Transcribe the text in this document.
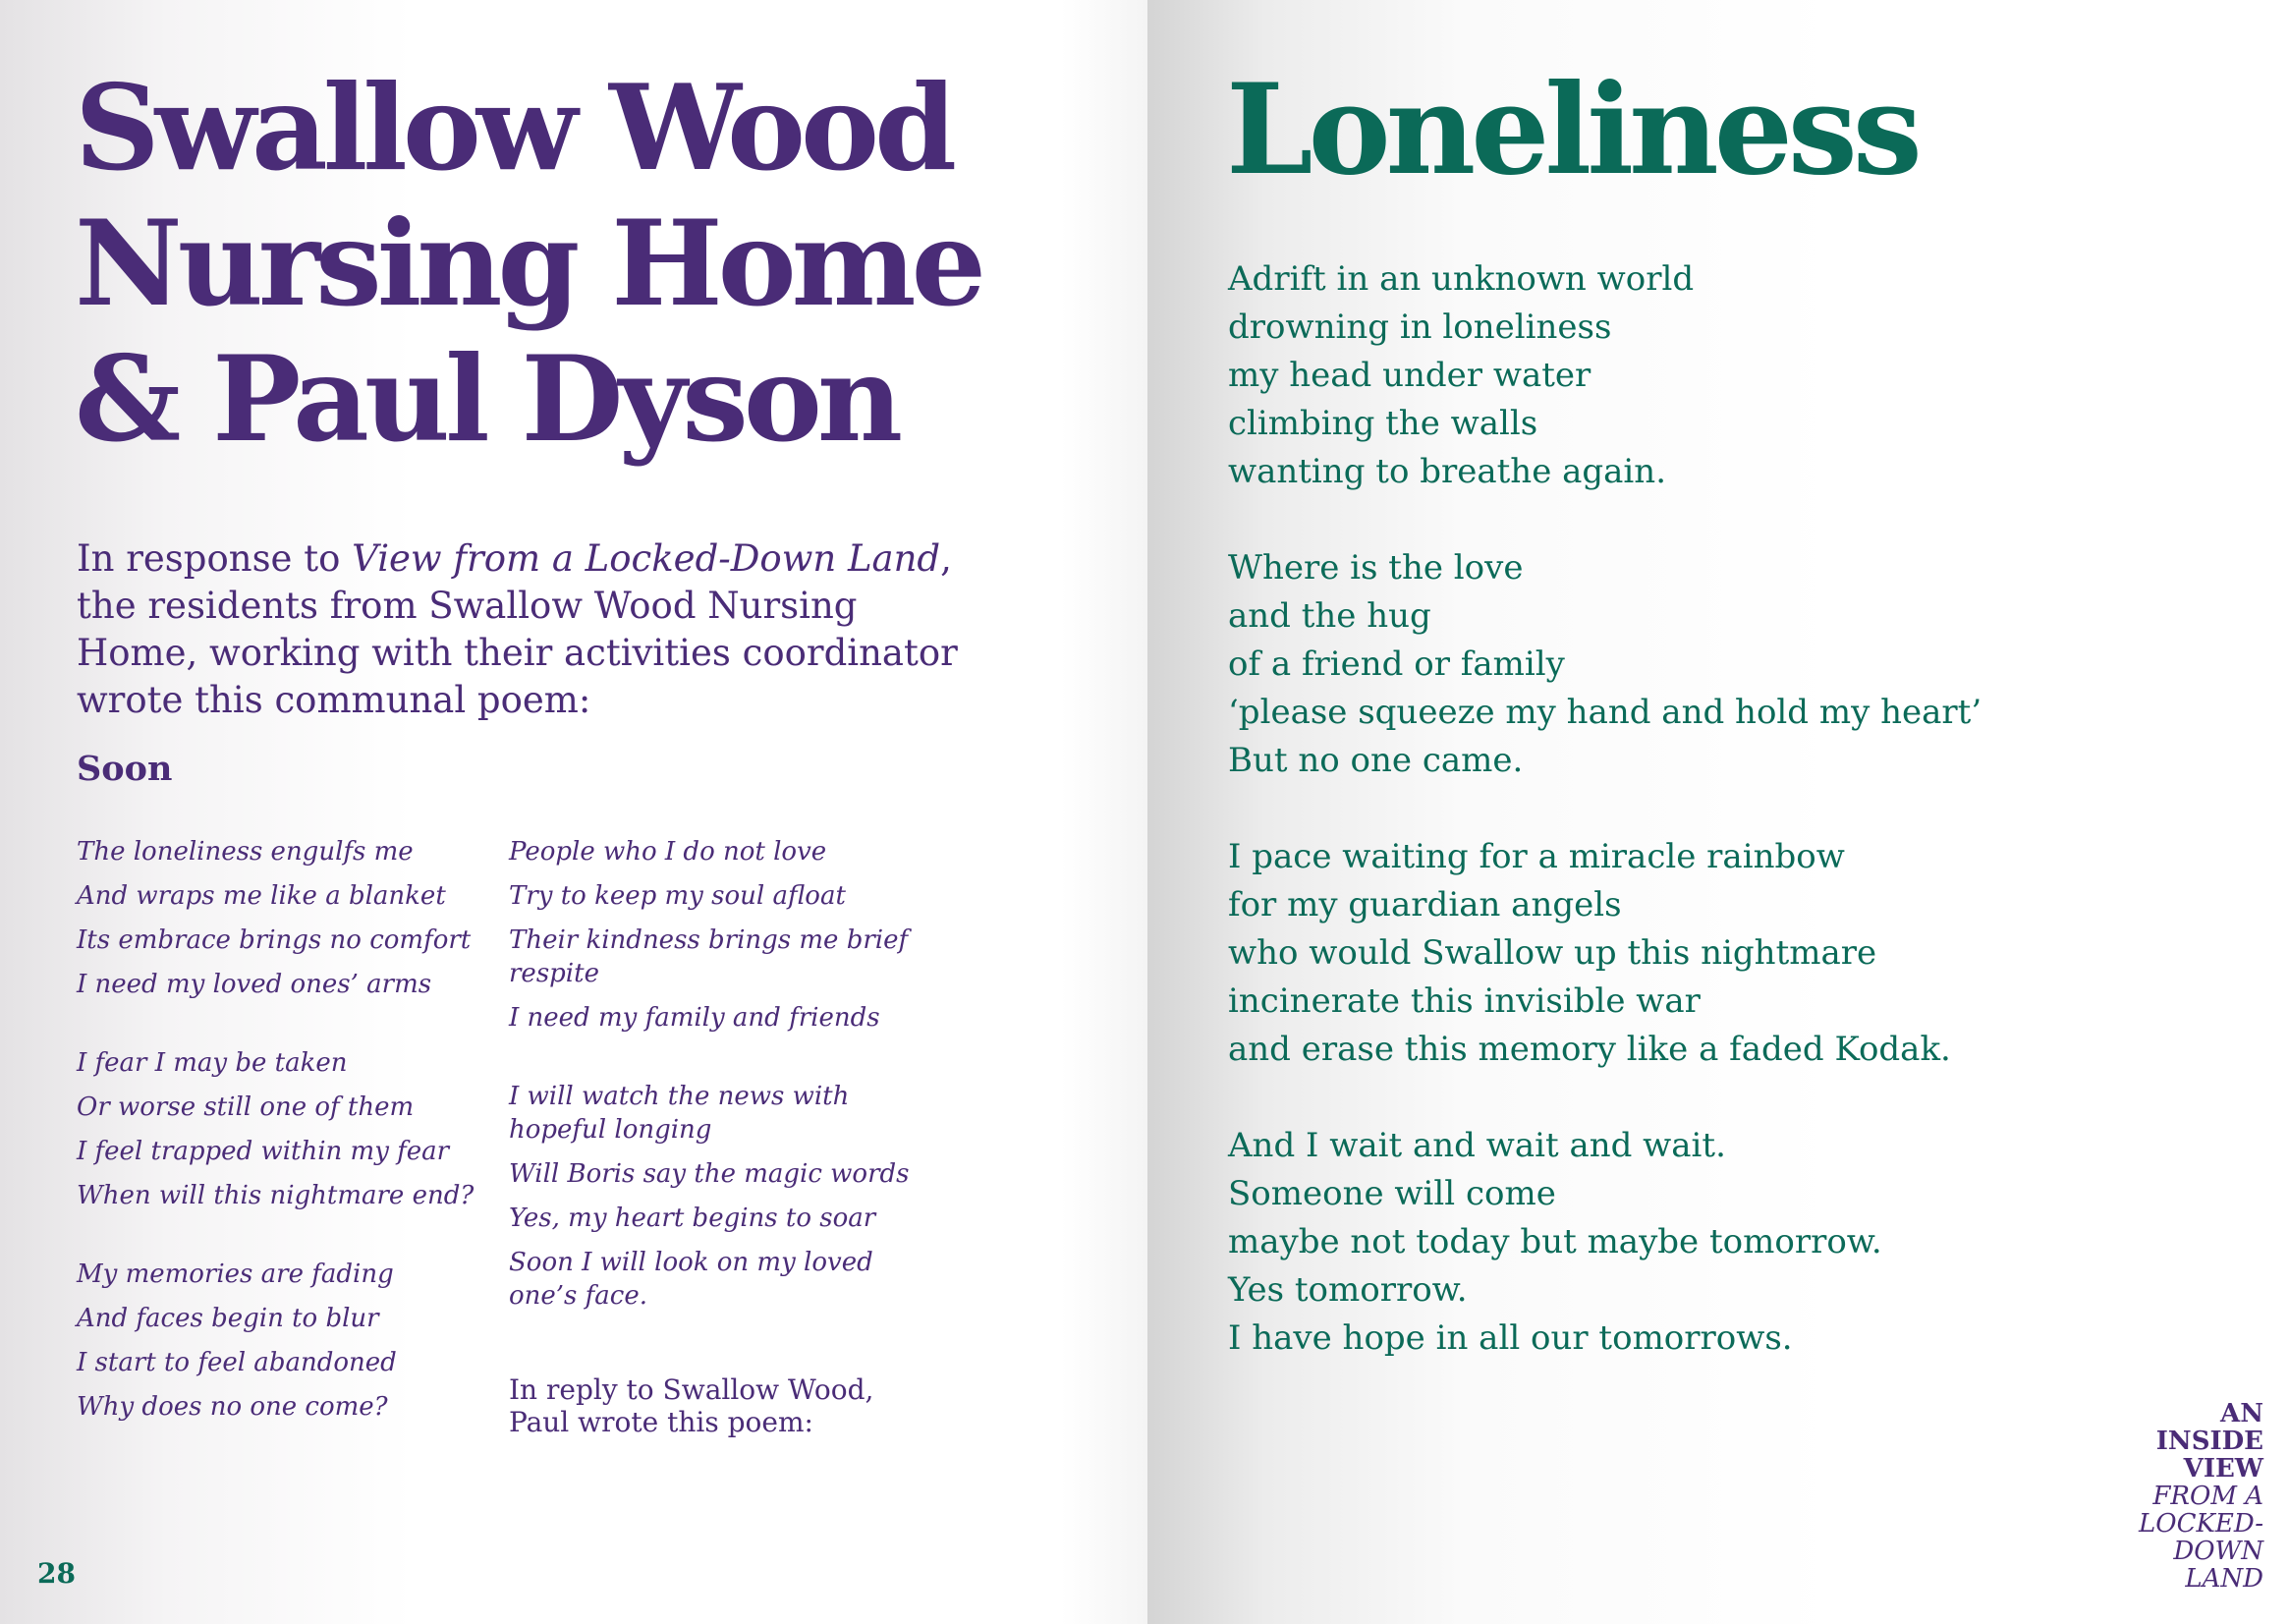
Swallow Wood
Nursing Home
& Paul Dyson

In response to View from a Locked-Down Land, the residents from Swallow Wood Nursing Home, working with their activities coordinator wrote this communal poem:

Soon
The loneliness engulfs me
And wraps me like a blanket
Its embrace brings no comfort
I need my loved ones’ arms
I fear I may be taken
Or worse still one of them
I feel trapped within my fear
When will this nightmare end?
My memories are fading
And faces begin to blur
I start to feel abandoned
Why does no one come?
People who I do not love
Try to keep my soul afloat
Their kindness brings me brief respite
I need my family and friends
I will watch the news with hopeful longing
Will Boris say the magic words
Yes, my heart begins to soar
Soon I will look on my loved one’s face.
In reply to Swallow Wood,
Paul wrote this poem:
28
Loneliness
Adrift in an unknown world
drowning in loneliness
my head under water
climbing the walls
wanting to breathe again.
Where is the love
and the hug
of a friend or family
‘please squeeze my hand and hold my heart’
But no one came.
I pace waiting for a miracle rainbow
for my guardian angels
who would Swallow up this nightmare
incinerate this invisible war
and erase this memory like a faded Kodak.
And I wait and wait and wait.
Someone will come
maybe not today but maybe tomorrow.
Yes tomorrow.
I have hope in all our tomorrows.
AN
INSIDE
VIEW
FROM A
LOCKED-
DOWN
LAND
